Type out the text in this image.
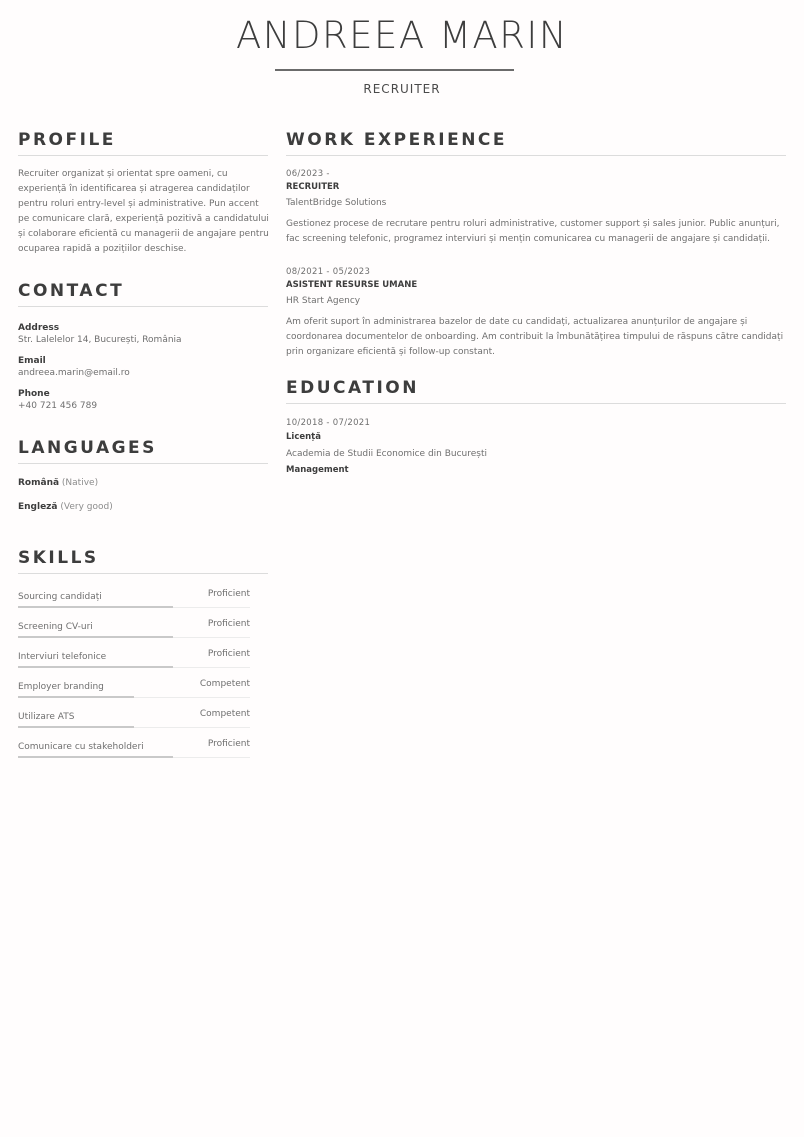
ANDREEA MARIN
RECRUITER
PROFILE
Recruiter organizat și orientat spre oameni, cu
experiență în identificarea și atragerea candidaților
pentru roluri entry-level și administrative. Pun accent
pe comunicare clară, experiență pozitivă a candidatului
și colaborare eficientă cu managerii de angajare pentru
ocuparea rapidă a pozițiilor deschise.
CONTACT
Address
Str. Lalelelor 14, București, România
Email
andreea.marin@email.ro
Phone
+40 721 456 789
LANGUAGES
Română (Native)
Engleză (Very good)
SKILLS
Sourcing candidați	Proficient
Screening CV-uri	Proficient
Interviuri telefonice	Proficient
Employer branding	Competent
Utilizare ATS	Competent
Comunicare cu stakeholderi	Proficient
WORK EXPERIENCE
06/2023 -
RECRUITER
TalentBridge Solutions
Gestionez procese de recrutare pentru roluri administrative, customer support și sales junior. Public anunțuri,
fac screening telefonic, programez interviuri și mențin comunicarea cu managerii de angajare și candidații.
08/2021 - 05/2023
ASISTENT RESURSE UMANE
HR Start Agency
Am oferit suport în administrarea bazelor de date cu candidați, actualizarea anunțurilor de angajare și
coordonarea documentelor de onboarding. Am contribuit la îmbunătățirea timpului de răspuns către candidați
prin organizare eficientă și follow-up constant.
EDUCATION
10/2018 - 07/2021
Licență
Academia de Studii Economice din București
Management
